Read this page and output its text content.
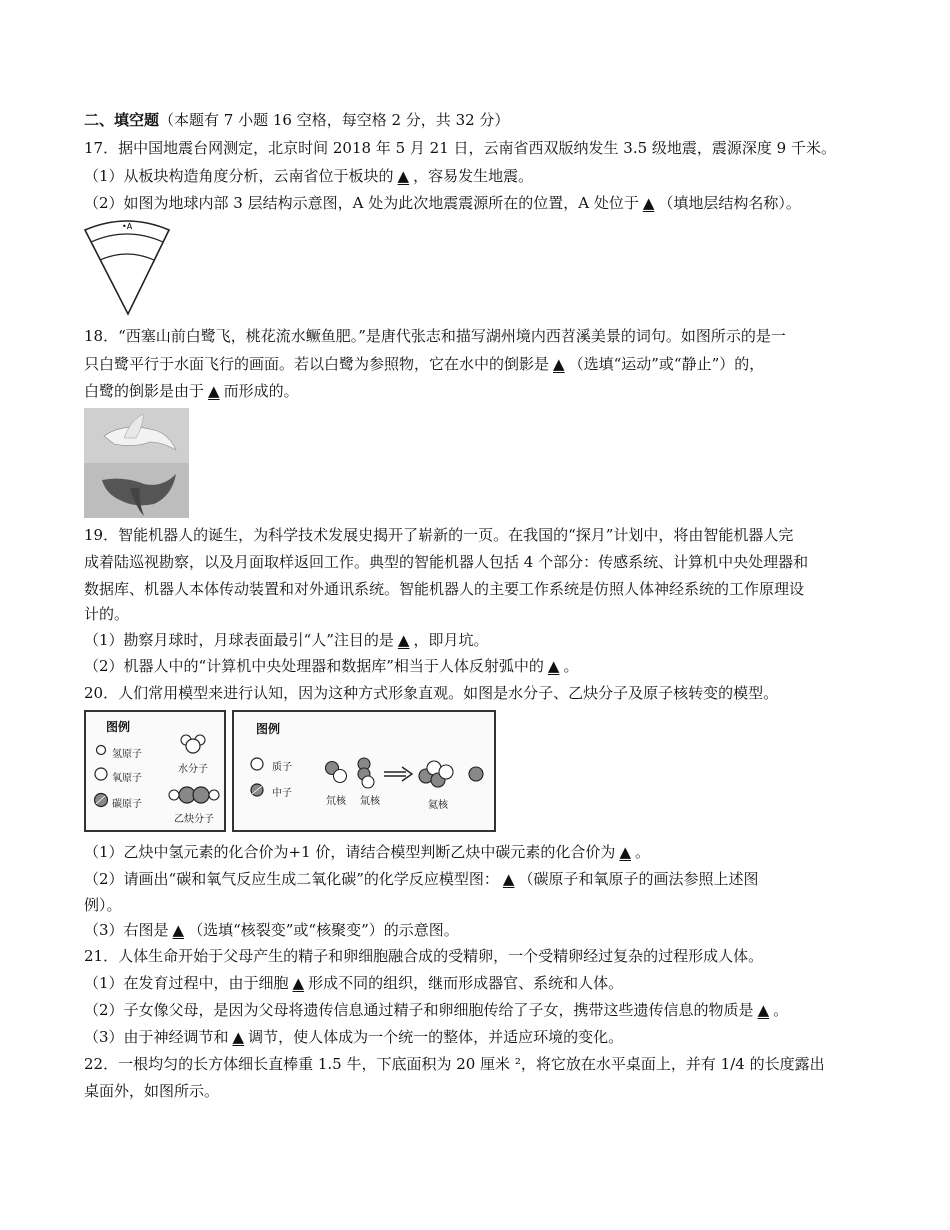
二、填空题（本题有 7 小题 16 空格，每空格 2 分，共 32 分）
17．据中国地震台网测定，北京时间 2018 年 5 月 21 日，云南省西双版纳发生 3.5 级地震，震源深度 9 千米。
（1）从板块构造角度分析，云南省位于板块的 ▲ ，容易发生地震。
（2）如图为地球内部 3 层结构示意图，A 处为此次地震震源所在的位置，A 处位于 ▲ （填地层结构名称）。
•A
18．“西塞山前白鹭飞，桃花流水鳜鱼肥。”是唐代张志和描写湖州境内西苕溪美景的词句。如图所示的是一
只白鹭平行于水面飞行的画面。若以白鹭为参照物，它在水中的倒影是 ▲ （选填“运动”或“静止”）的，
白鹭的倒影是由于 ▲ 而形成的。
19．智能机器人的诞生，为科学技术发展史揭开了崭新的一页。在我国的“探月”计划中，将由智能机器人完
成着陆巡视勘察，以及月面取样返回工作。典型的智能机器人包括 4 个部分：传感系统、计算机中央处理器和
数据库、机器人本体传动装置和对外通讯系统。智能机器人的主要工作系统是仿照人体神经系统的工作原理设
计的。
（1）勘察月球时，月球表面最引“人”注目的是 ▲ ，即月坑。
（2）机器人中的“计算机中央处理器和数据库”相当于人体反射弧中的 ▲ 。
20．人们常用模型来进行认知，因为这种方式形象直观。如图是水分子、乙炔分子及原子核转变的模型。
图例
氢原子
氧原子
碳原子
水分子
乙炔分子
图例
质子
中子
氘核 氚核	氦核
（1）乙炔中氢元素的化合价为+1 价，请结合模型判断乙炔中碳元素的化合价为 ▲ 。
（2）请画出“碳和氧气反应生成二氧化碳”的化学反应模型图： ▲ （碳原子和氧原子的画法参照上述图
例）。
（3）右图是 ▲ （选填“核裂变”或“核聚变”）的示意图。
21．人体生命开始于父母产生的精子和卵细胞融合成的受精卵，一个受精卵经过复杂的过程形成人体。
（1）在发育过程中，由于细胞 ▲ 形成不同的组织，继而形成器官、系统和人体。
（2）子女像父母，是因为父母将遗传信息通过精子和卵细胞传给了子女，携带这些遗传信息的物质是 ▲ 。
（3）由于神经调节和 ▲ 调节，使人体成为一个统一的整体，并适应环境的变化。
22．一根均匀的长方体细长直棒重 1.5 牛，下底面积为 20 厘米 ²，将它放在水平桌面上，并有 1/4 的长度露出
桌面外，如图所示。
